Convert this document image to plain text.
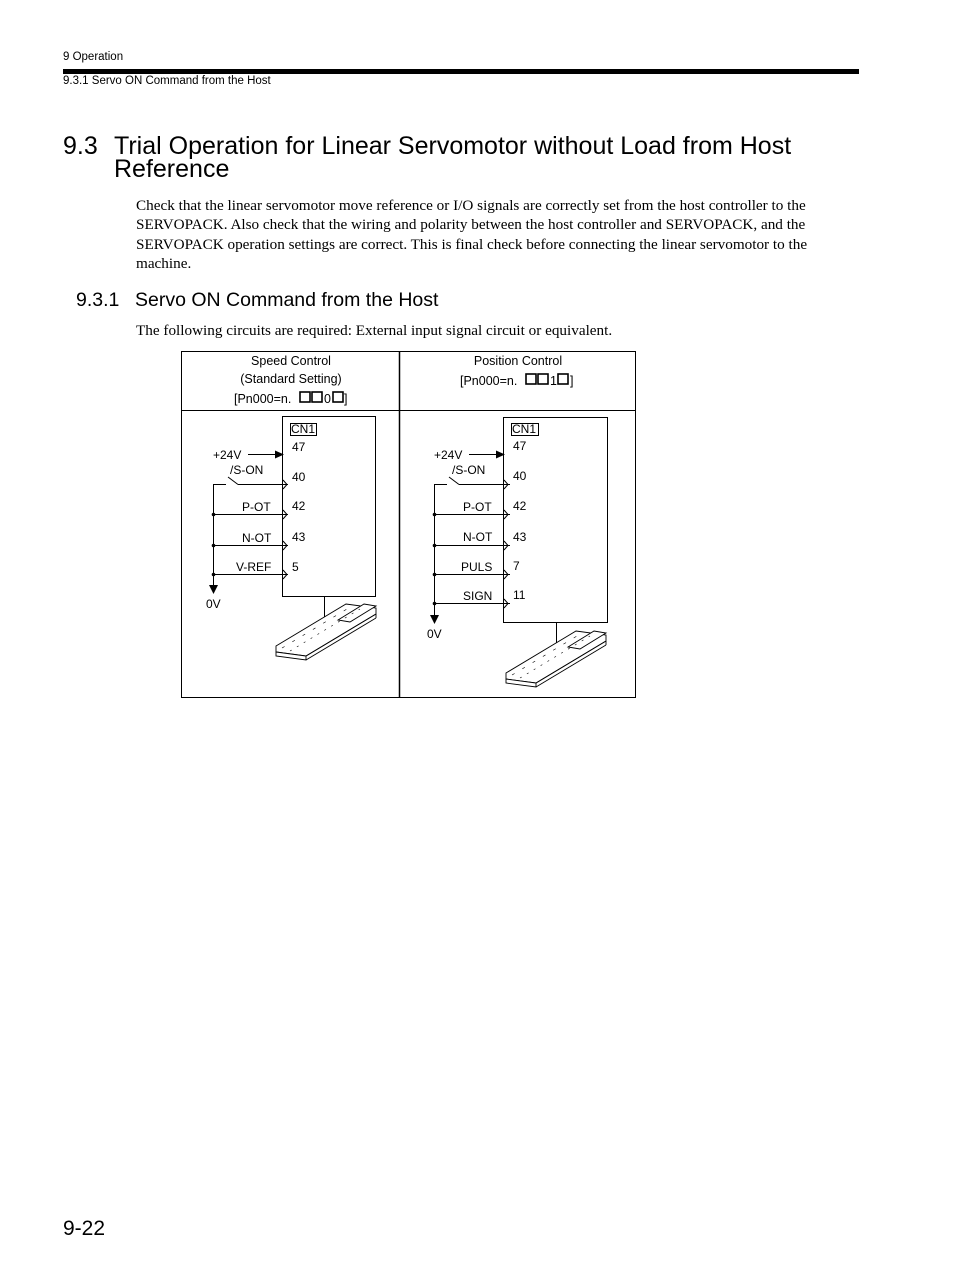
9 Operation
9.3.1 Servo ON Command from the Host
9.3 Trial Operation for Linear Servomotor without Load from Host Reference

Check that the linear servomotor move reference or I/O signals are correctly set from the host controller to the SERVOPACK. Also check that the wiring and polarity between the host controller and SERVOPACK, and the SERVOPACK operation settings are correct. This is final check before connecting the linear servomotor to the machine.

9.3.1 Servo ON Command from the Host

The following circuits are required: External input signal circuit or equivalent.

Speed Control
(Standard Setting)
Position Control
[Pn000=n.	0 ]
[Pn000=n.	1 ]
CN1
+24V
0V
47
/S-ON 40
P-OT 42
N-OT 43
V-REF 5
CN1
+24V
0V
47
/S-ON 40
P-OT 42
N-OT 43
PULS 7
SIGN 11
9-22
